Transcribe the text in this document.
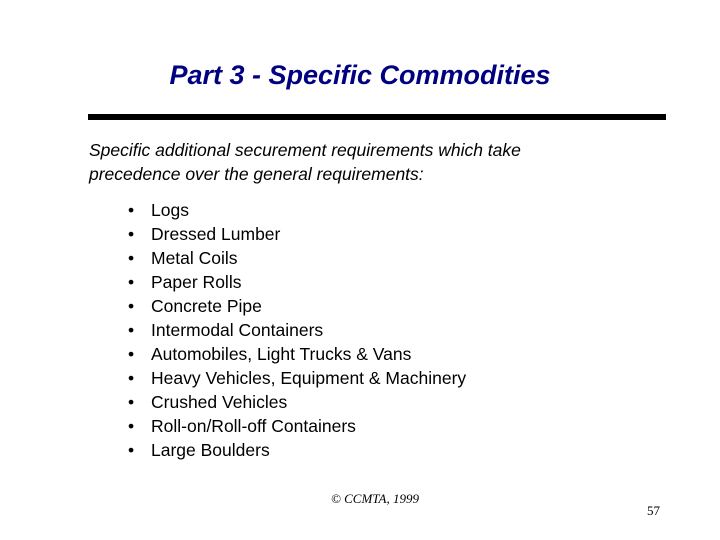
Part 3 - Specific Commodities

Specific additional securement requirements which take
precedence over the general requirements:

• Logs
• Dressed Lumber
• Metal Coils
• Paper Rolls
• Concrete Pipe
• Intermodal Containers
• Automobiles, Light Trucks & Vans
• Heavy Vehicles, Equipment & Machinery
• Crushed Vehicles
• Roll-on/Roll-off Containers
• Large Boulders
© CCMTA, 1999
57
